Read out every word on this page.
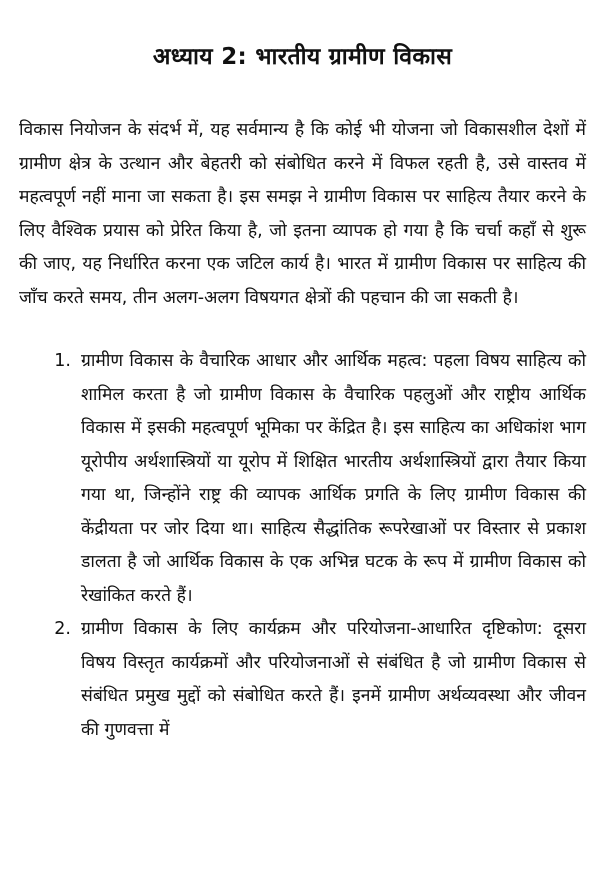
अध्याय 2: भारतीय ग्रामीण विकास

विकास नियोजन के संदर्भ में, यह सर्वमान्य है कि कोई भी योजना जो विकासशील देशों में ग्रामीण क्षेत्र के उत्थान और बेहतरी को संबोधित करने में विफल रहती है, उसे वास्तव में महत्वपूर्ण नहीं माना जा सकता है। इस समझ ने ग्रामीण विकास पर साहित्य तैयार करने के लिए वैश्विक प्रयास को प्रेरित किया है, जो इतना व्यापक हो गया है कि चर्चा कहाँ से शुरू की जाए, यह निर्धारित करना एक जटिल कार्य है। भारत में ग्रामीण विकास पर साहित्य की जाँच करते समय, तीन अलग-अलग विषयगत क्षेत्रों की पहचान की जा सकती है।

1. ग्रामीण विकास के वैचारिक आधार और आर्थिक महत्व: पहला विषय साहित्य को शामिल करता है जो ग्रामीण विकास के वैचारिक पहलुओं और राष्ट्रीय आर्थिक विकास में इसकी महत्वपूर्ण भूमिका पर केंद्रित है। इस साहित्य का अधिकांश भाग यूरोपीय अर्थशास्त्रियों या यूरोप में शिक्षित भारतीय अर्थशास्त्रियों द्वारा तैयार किया गया था, जिन्होंने राष्ट्र की व्यापक आर्थिक प्रगति के लिए ग्रामीण विकास की केंद्रीयता पर जोर दिया था। साहित्य सैद्धांतिक रूपरेखाओं पर विस्तार से प्रकाश डालता है जो आर्थिक विकास के एक अभिन्न घटक के रूप में ग्रामीण विकास को रेखांकित करते हैं।
2. ग्रामीण विकास के लिए कार्यक्रम और परियोजना-आधारित दृष्टिकोण: दूसरा विषय विस्तृत कार्यक्रमों और परियोजनाओं से संबंधित है जो ग्रामीण विकास से संबंधित प्रमुख मुद्दों को संबोधित करते हैं। इनमें ग्रामीण अर्थव्यवस्था और जीवन की गुणवत्ता में
